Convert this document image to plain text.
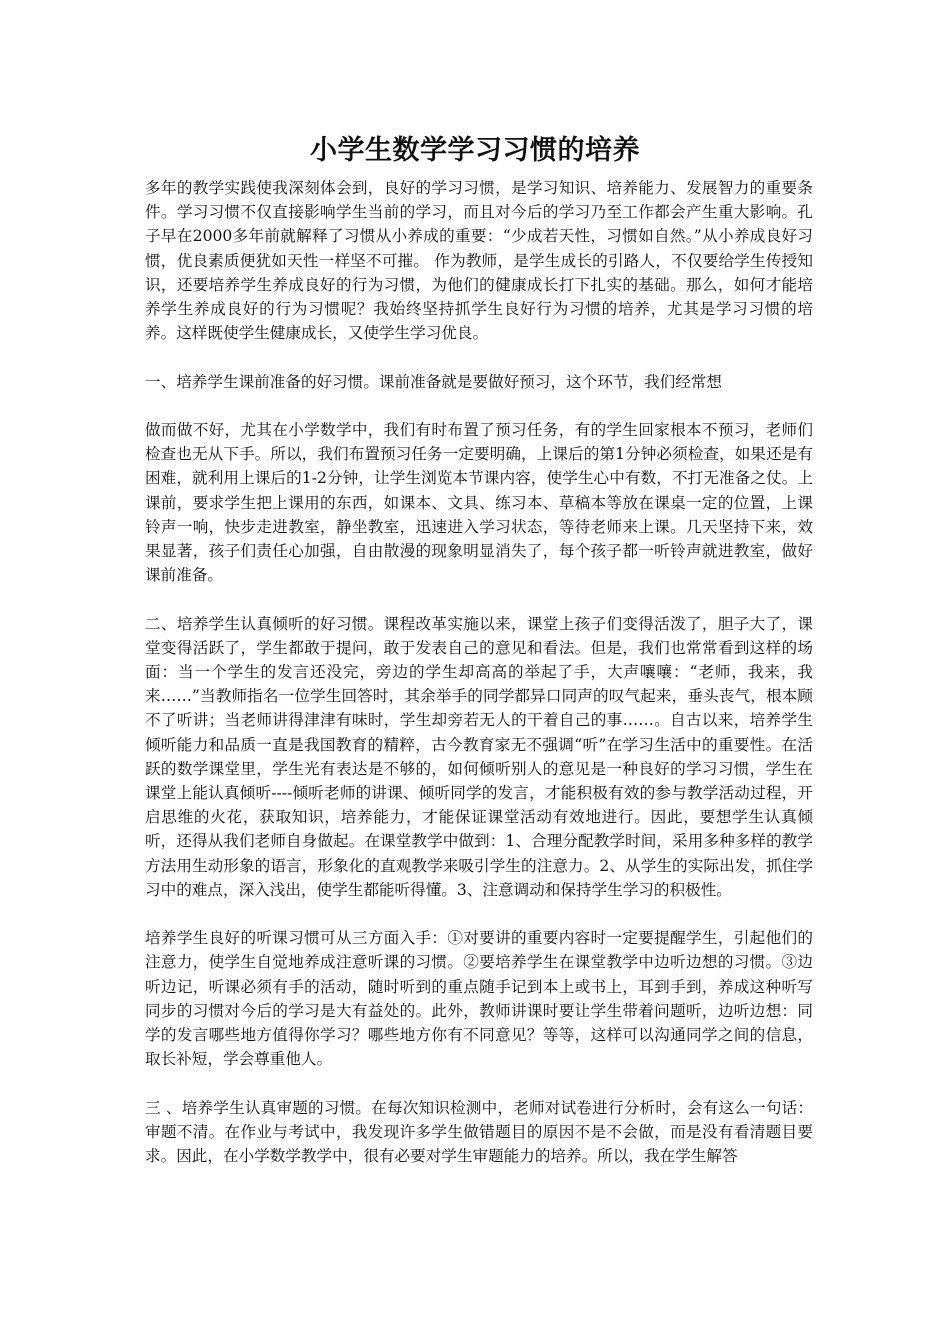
小学生数学学习习惯的培养

多年的教学实践使我深刻体会到，良好的学习习惯，是学习知识、培养能力、发展智力的重要条件。学习习惯不仅直接影响学生当前的学习，而且对今后的学习乃至工作都会产生重大影响。孔子早在2000多年前就解释了习惯从小养成的重要：“少成若天性，习惯如自然。”从小养成良好习惯，优良素质便犹如天性一样坚不可摧。 作为教师，是学生成长的引路人，不仅要给学生传授知识，还要培养学生养成良好的行为习惯，为他们的健康成长打下扎实的基础。那么，如何才能培养学生养成良好的行为习惯呢？我始终坚持抓学生良好行为习惯的培养，尤其是学习习惯的培养。这样既使学生健康成长，又使学生学习优良。

一、培养学生课前准备的好习惯。课前准备就是要做好预习，这个环节，我们经常想

做而做不好，尤其在小学数学中，我们有时布置了预习任务，有的学生回家根本不预习，老师们检查也无从下手。所以，我们布置预习任务一定要明确，上课后的第1分钟必须检查，如果还是有困难，就利用上课后的1-2分钟，让学生浏览本节课内容，使学生心中有数，不打无准备之仗。上课前，要求学生把上课用的东西，如课本、文具、练习本、草稿本等放在课桌一定的位置，上课铃声一响，快步走进教室，静坐教室，迅速进入学习状态，等待老师来上课。几天坚持下来，效果显著，孩子们责任心加强，自由散漫的现象明显消失了，每个孩子都一听铃声就进教室，做好课前准备。

二、培养学生认真倾听的好习惯。课程改革实施以来，课堂上孩子们变得活泼了，胆子大了，课堂变得活跃了，学生都敢于提问，敢于发表自己的意见和看法。但是，我们也常常看到这样的场面：当一个学生的发言还没完，旁边的学生却高高的举起了手，大声嚷嚷：“老师，我来，我来……”当教师指名一位学生回答时，其余举手的同学都异口同声的叹气起来，垂头丧气，根本顾不了听讲；当老师讲得津津有味时，学生却旁若无人的干着自己的事……。自古以来，培养学生倾听能力和品质一直是我国教育的精粹，古今教育家无不强调“听”在学习生活中的重要性。在活跃的数学课堂里，学生光有表达是不够的，如何倾听别人的意见是一种良好的学习习惯，学生在课堂上能认真倾听----倾听老师的讲课、倾听同学的发言，才能积极有效的参与教学活动过程，开启思维的火花，获取知识，培养能力，才能保证课堂活动有效地进行。因此，要想学生认真倾听，还得从我们老师自身做起。在课堂教学中做到：1、合理分配教学时间，采用多种多样的教学方法用生动形象的语言，形象化的直观教学来吸引学生的注意力。2、从学生的实际出发，抓住学习中的难点，深入浅出，使学生都能听得懂。3、注意调动和保持学生学习的积极性。

培养学生良好的听课习惯可从三方面入手：①对要讲的重要内容时一定要提醒学生，引起他们的注意力，使学生自觉地养成注意听课的习惯。②要培养学生在课堂教学中边听边想的习惯。③边听边记，听课必须有手的活动，随时听到的重点随手记到本上或书上，耳到手到，养成这种听写同步的习惯对今后的学习是大有益处的。此外，教师讲课时要让学生带着问题听，边听边想：同学的发言哪些地方值得你学习？哪些地方你有不同意见？等等，这样可以沟通同学之间的信息，取长补短，学会尊重他人。

三 、培养学生认真审题的习惯。在每次知识检测中，老师对试卷进行分析时，会有这么一句话：审题不清。在作业与考试中，我发现许多学生做错题目的原因不是不会做，而是没有看清题目要求。因此，在小学数学教学中，很有必要对学生审题能力的培养。所以，我在学生解答
